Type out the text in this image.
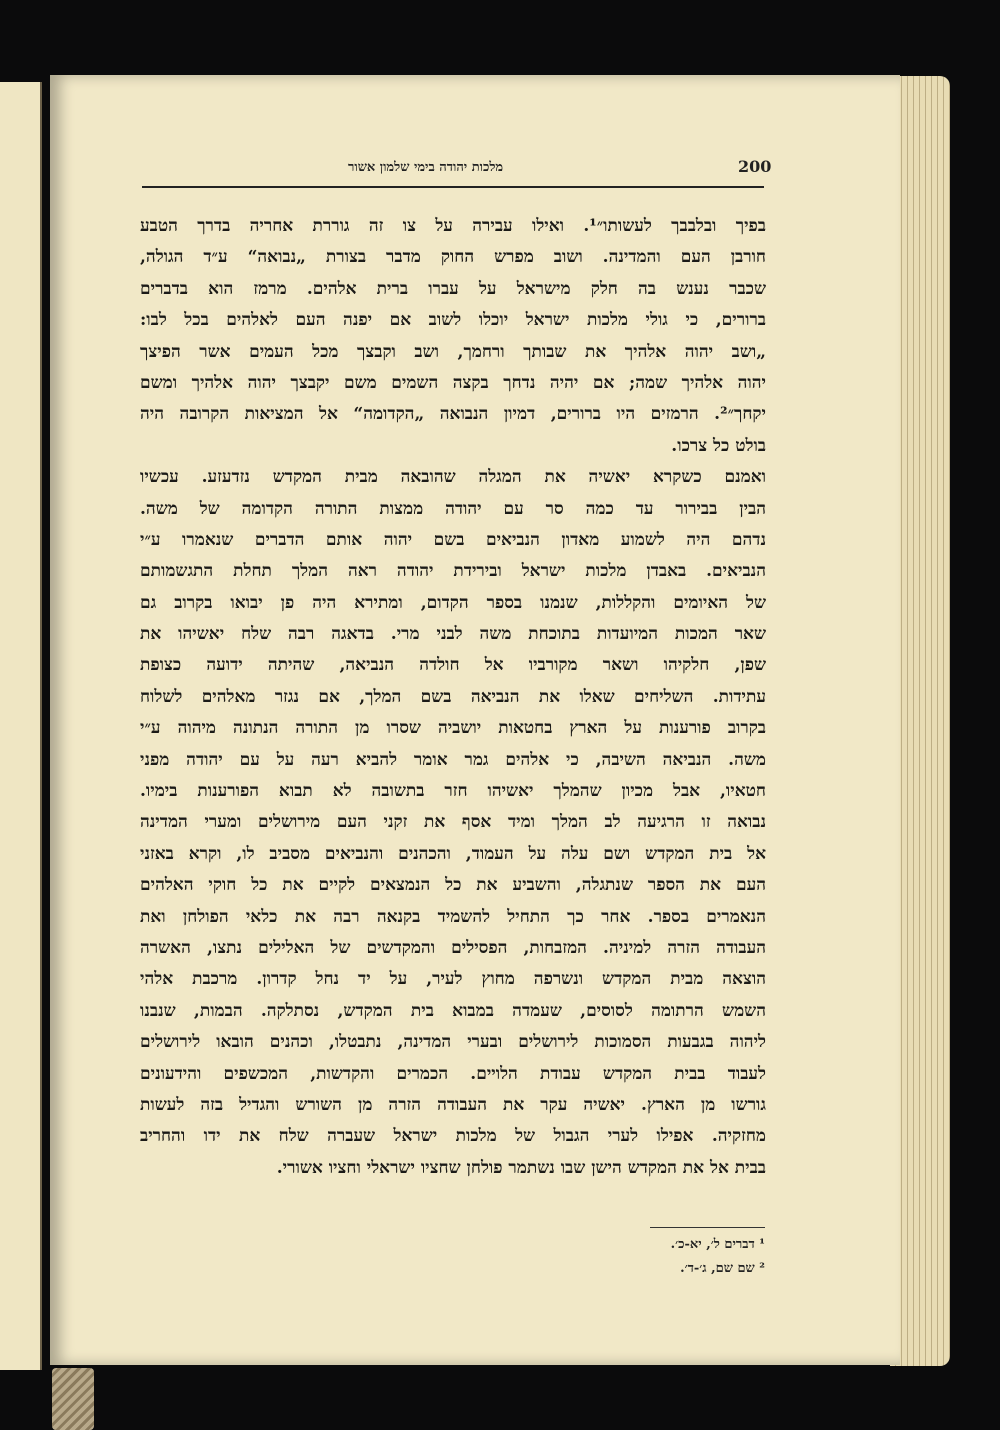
מלכות יהודה בימי שלמון אשור	200
בפיך ובלבבך לעשותו״¹. ואילו עבירה על צו זה גוררת אחריה בדרך הטבע
חורבן העם והמדינה. ושוב מפרש החוק מדבר בצורת „נבואה“ ע״ד הגולה,
שכבר נענש בה חלק מישראל על עברו ברית אלהים. מרמז הוא בדברים
ברורים, כי גולי מלכות ישראל יוכלו לשוב אם יפנה העם לאלהים בכל לבו:
„ושב יהוה אלהיך את שבותך ורחמך, ושב וקבצך מכל העמים אשר הפיצך
יהוה אלהיך שמה; אם יהיה נדחך בקצה השמים משם יקבצך יהוה אלהיך ומשם
יקחך״². הרמזים היו ברורים, דמיון הנבואה „הקדומה“ אל המציאות הקרובה היה
בולט כל צרכו.
ואמנם כשקרא יאשיה את המגלה שהובאה מבית המקדש נזדעזע. עכשיו
הבין בבירור עד כמה סר עם יהודה ממצות התורה הקדומה של משה.
נדהם היה לשמוע מאדון הנביאים בשם יהוה אותם הדברים שנאמרו ע״י
הנביאים. באבדן מלכות ישראל ובירידת יהודה ראה המלך תחלת התגשמותם
של האיומים והקללות, שנמנו בספר הקדום, ומתירא היה פן יבואו בקרוב גם
שאר המכות המיועדות בתוכחת משה לבני מרי. בדאגה רבה שלח יאשיהו את
שפן, חלקיהו ושאר מקורביו אל חולדה הנביאה, שהיתה ידועה כצופת
עתידות. השליחים שאלו את הנביאה בשם המלך, אם נגזר מאלהים לשלוח
בקרוב פורענות על הארץ בחטאות יושביה שסרו מן התורה הנתונה מיהוה ע״י
משה. הנביאה השיבה, כי אלהים גמר אומר להביא רעה על עם יהודה מפני
חטאיו, אבל מכיון שהמלך יאשיהו חזר בתשובה לא תבוא הפורענות בימיו.
נבואה זו הרגיעה לב המלך ומיד אסף את זקני העם מירושלים ומערי המדינה
אל בית המקדש ושם עלה על העמוד, והכהנים והנביאים מסביב לו, וקרא באזני
העם את הספר שנתגלה, והשביע את כל הנמצאים לקיים את כל חוקי האלהים
הנאמרים בספר. אחר כך התחיל להשמיד בקנאה רבה את כלאי הפולחן ואת
העבודה הזרה למיניה. המזבחות, הפסילים והמקדשים של האלילים נתצו, האשרה
הוצאה מבית המקדש ונשרפה מחוץ לעיר, על יד נחל קדרון. מרכבת אלהי
השמש הרתומה לסוסים, שעמדה במבוא בית המקדש, נסתלקה. הבמות, שנבנו
ליהוה בגבעות הסמוכות לירושלים ובערי המדינה, נתבטלו, וכהנים הובאו לירושלים
לעבוד בבית המקדש עבודת הלויים. הכמרים והקדשות, המכשפים והידעונים
גורשו מן הארץ. יאשיה עקר את העבודה הזרה מן השורש והגדיל בזה לעשות
מחזקיה. אפילו לערי הגבול של מלכות ישראל שעברה שלח את ידו והחריב
בבית אל את המקדש הישן שבו נשתמר פולחן שחציו ישראלי וחציו אשורי.
¹ דברים ל׳, יא-כ׳.
² שם שם, ג׳-ד׳.
